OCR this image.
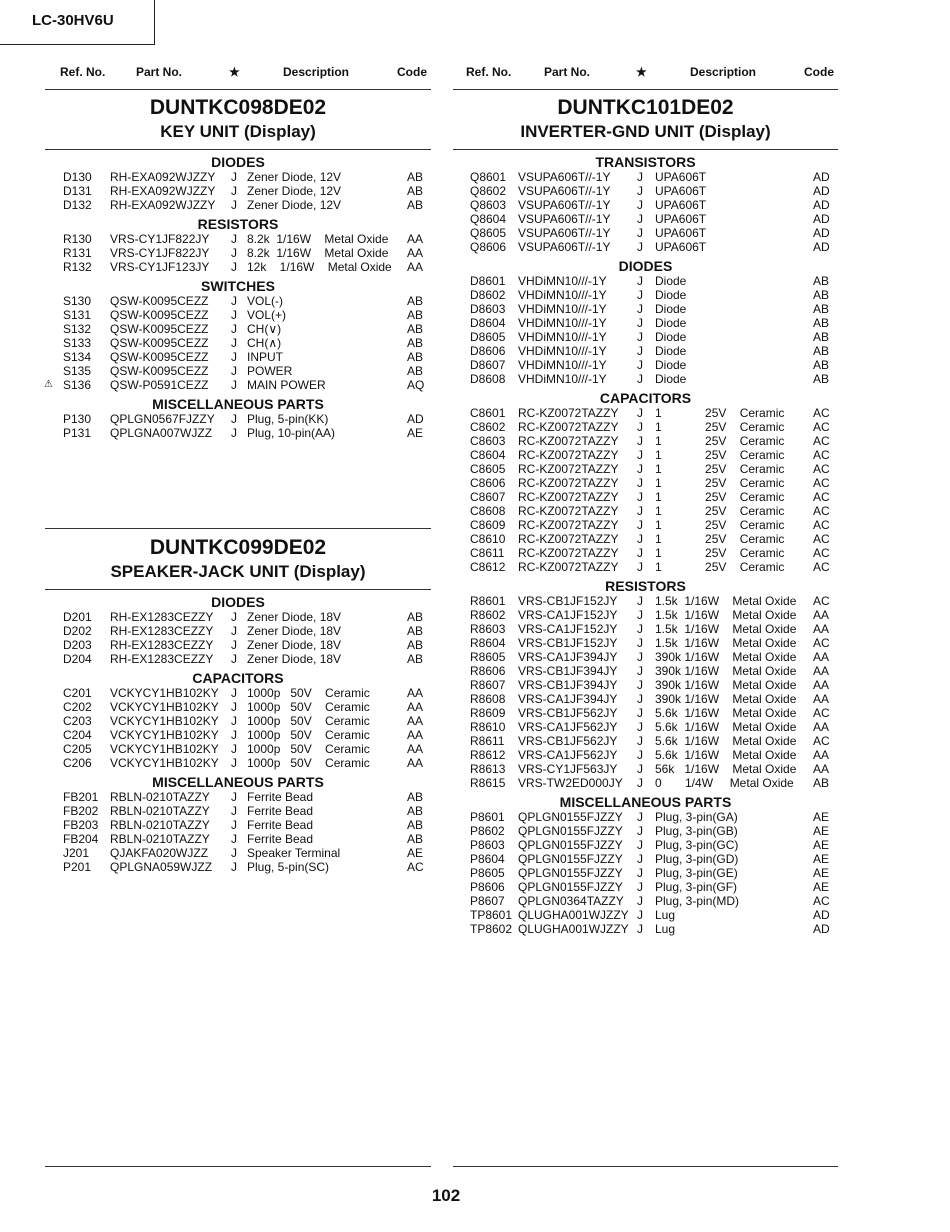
LC-30HV6U
Ref. No.	Part No.	★	Description	Code
DUNTKC098DE02
KEY UNIT (Display)
DIODES
D130 RH-EXA092WJZZY J Zener Diode, 12V	AB
D131 RH-EXA092WJZZY J Zener Diode, 12V	AB
D132 RH-EXA092WJZZY J Zener Diode, 12V	AB
RESISTORS
R130 VRS-CY1JF822JY J 8.2k  1/16W    Metal Oxide AA
R131 VRS-CY1JF822JY J 8.2k  1/16W    Metal Oxide AA
R132 VRS-CY1JF123JY J 12k    1/16W    Metal Oxide AA
SWITCHES
S130 QSW-K0095CEZZ J VOL(-)	AB
S131 QSW-K0095CEZZ J VOL(+)	AB
S132 QSW-K0095CEZZ J CH(∨)	AB
S133 QSW-K0095CEZZ J CH(∧)	AB
S134 QSW-K0095CEZZ J INPUT	AB
S135 QSW-K0095CEZZ J POWER	AB
⚠ S136 QSW-P0591CEZZ J MAIN POWER	AQ
MISCELLANEOUS PARTS
P130 QPLGN0567FJZZY J Plug, 5-pin(KK)	AD
P131 QPLGNA007WJZZ J Plug, 10-pin(AA)	AE
DUNTKC099DE02
SPEAKER-JACK UNIT (Display)
DIODES
D201 RH-EX1283CEZZY J Zener Diode, 18V	AB
D202 RH-EX1283CEZZY J Zener Diode, 18V	AB
D203 RH-EX1283CEZZY J Zener Diode, 18V	AB
D204 RH-EX1283CEZZY J Zener Diode, 18V	AB
CAPACITORS
C201 VCKYCY1HB102KY J 1000p   50V    Ceramic	AA
C202 VCKYCY1HB102KY J 1000p   50V    Ceramic	AA
C203 VCKYCY1HB102KY J 1000p   50V    Ceramic	AA
C204 VCKYCY1HB102KY J 1000p   50V    Ceramic	AA
C205 VCKYCY1HB102KY J 1000p   50V    Ceramic	AA
C206 VCKYCY1HB102KY J 1000p   50V    Ceramic	AA
MISCELLANEOUS PARTS
FB201 RBLN-0210TAZZY J Ferrite Bead	AB
FB202 RBLN-0210TAZZY J Ferrite Bead	AB
FB203 RBLN-0210TAZZY J Ferrite Bead	AB
FB204 RBLN-0210TAZZY J Ferrite Bead	AB
J201 QJAKFA020WJZZ J Speaker Terminal	AE
P201 QPLGNA059WJZZ J Plug, 5-pin(SC)	AC
Ref. No.	Part No.	★	Description	Code
DUNTKC101DE02
INVERTER-GND UNIT (Display)
TRANSISTORS
Q8601 VSUPA606T//-1Y J UPA606T	AD
Q8602 VSUPA606T//-1Y J UPA606T	AD
Q8603 VSUPA606T//-1Y J UPA606T	AD
Q8604 VSUPA606T//-1Y J UPA606T	AD
Q8605 VSUPA606T//-1Y J UPA606T	AD
Q8606 VSUPA606T//-1Y J UPA606T	AD
DIODES
D8601 VHDiMN10///-1Y	J Diode	AB
D8602 VHDiMN10///-1Y	J Diode	AB
D8603 VHDiMN10///-1Y	J Diode	AB
D8604 VHDiMN10///-1Y	J Diode	AB
D8605 VHDiMN10///-1Y	J Diode	AB
D8606 VHDiMN10///-1Y	J Diode	AB
D8607 VHDiMN10///-1Y	J Diode	AB
D8608 VHDiMN10///-1Y	J Diode	AB
CAPACITORS
C8601 RC-KZ0072TAZZY J 1             25V    Ceramic AC
C8602 RC-KZ0072TAZZY J 1             25V    Ceramic AC
C8603 RC-KZ0072TAZZY J 1             25V    Ceramic AC
C8604 RC-KZ0072TAZZY J 1             25V    Ceramic AC
C8605 RC-KZ0072TAZZY J 1             25V    Ceramic AC
C8606 RC-KZ0072TAZZY J 1             25V    Ceramic AC
C8607 RC-KZ0072TAZZY J 1             25V    Ceramic AC
C8608 RC-KZ0072TAZZY J 1             25V    Ceramic AC
C8609 RC-KZ0072TAZZY J 1             25V    Ceramic AC
C8610 RC-KZ0072TAZZY J 1             25V    Ceramic AC
C8611 RC-KZ0072TAZZY J 1             25V    Ceramic AC
C8612 RC-KZ0072TAZZY J 1             25V    Ceramic AC
RESISTORS
R8601 VRS-CB1JF152JY J 1.5k  1/16W    Metal Oxide AC
R8602 VRS-CA1JF152JY J 1.5k  1/16W    Metal Oxide AA
R8603 VRS-CA1JF152JY J 1.5k  1/16W    Metal Oxide AA
R8604 VRS-CB1JF152JY J 1.5k  1/16W    Metal Oxide AC
R8605 VRS-CA1JF394JY J 390k 1/16W    Metal Oxide AA
R8606 VRS-CB1JF394JY J 390k 1/16W    Metal Oxide AA
R8607 VRS-CB1JF394JY J 390k 1/16W    Metal Oxide AA
R8608 VRS-CA1JF394JY J 390k 1/16W    Metal Oxide AA
R8609 VRS-CB1JF562JY J 5.6k  1/16W    Metal Oxide AC
R8610 VRS-CA1JF562JY J 5.6k  1/16W    Metal Oxide AA
R8611 VRS-CB1JF562JY J 5.6k  1/16W    Metal Oxide AC
R8612 VRS-CA1JF562JY J 5.6k  1/16W    Metal Oxide AA
R8613 VRS-CY1JF563JY J 56k   1/16W    Metal Oxide AA
R8615 VRS-TW2ED000JY J 0       1/4W     Metal Oxide AB
MISCELLANEOUS PARTS
P8601 QPLGN0155FJZZY J Plug, 3-pin(GA)	AE
P8602 QPLGN0155FJZZY J Plug, 3-pin(GB)	AE
P8603 QPLGN0155FJZZY J Plug, 3-pin(GC)	AE
P8604 QPLGN0155FJZZY J Plug, 3-pin(GD)	AE
P8605 QPLGN0155FJZZY J Plug, 3-pin(GE)	AE
P8606 QPLGN0155FJZZY J Plug, 3-pin(GF)	AE
P8607 QPLGN0364TAZZY J Plug, 3-pin(MD)	AC
TP8601 QLUGHA001WJZZY J Lug	AD
TP8602 QLUGHA001WJZZY J Lug	AD
102
